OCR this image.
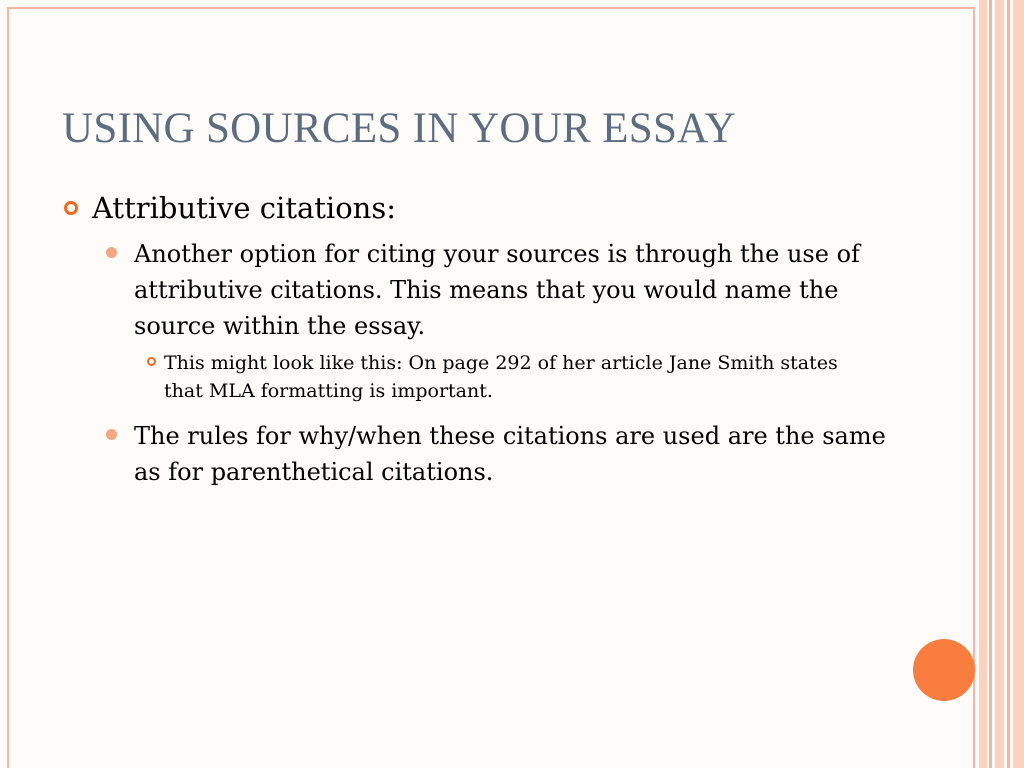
USING SOURCES IN YOUR ESSAY
Attributive citations:
Another option for citing your sources is through the use of attributive citations. This means that you would name the source within the essay.
This might look like this: On page 292 of her article Jane Smith states that MLA formatting is important.
The rules for why/when these citations are used are the same as for parenthetical citations.
